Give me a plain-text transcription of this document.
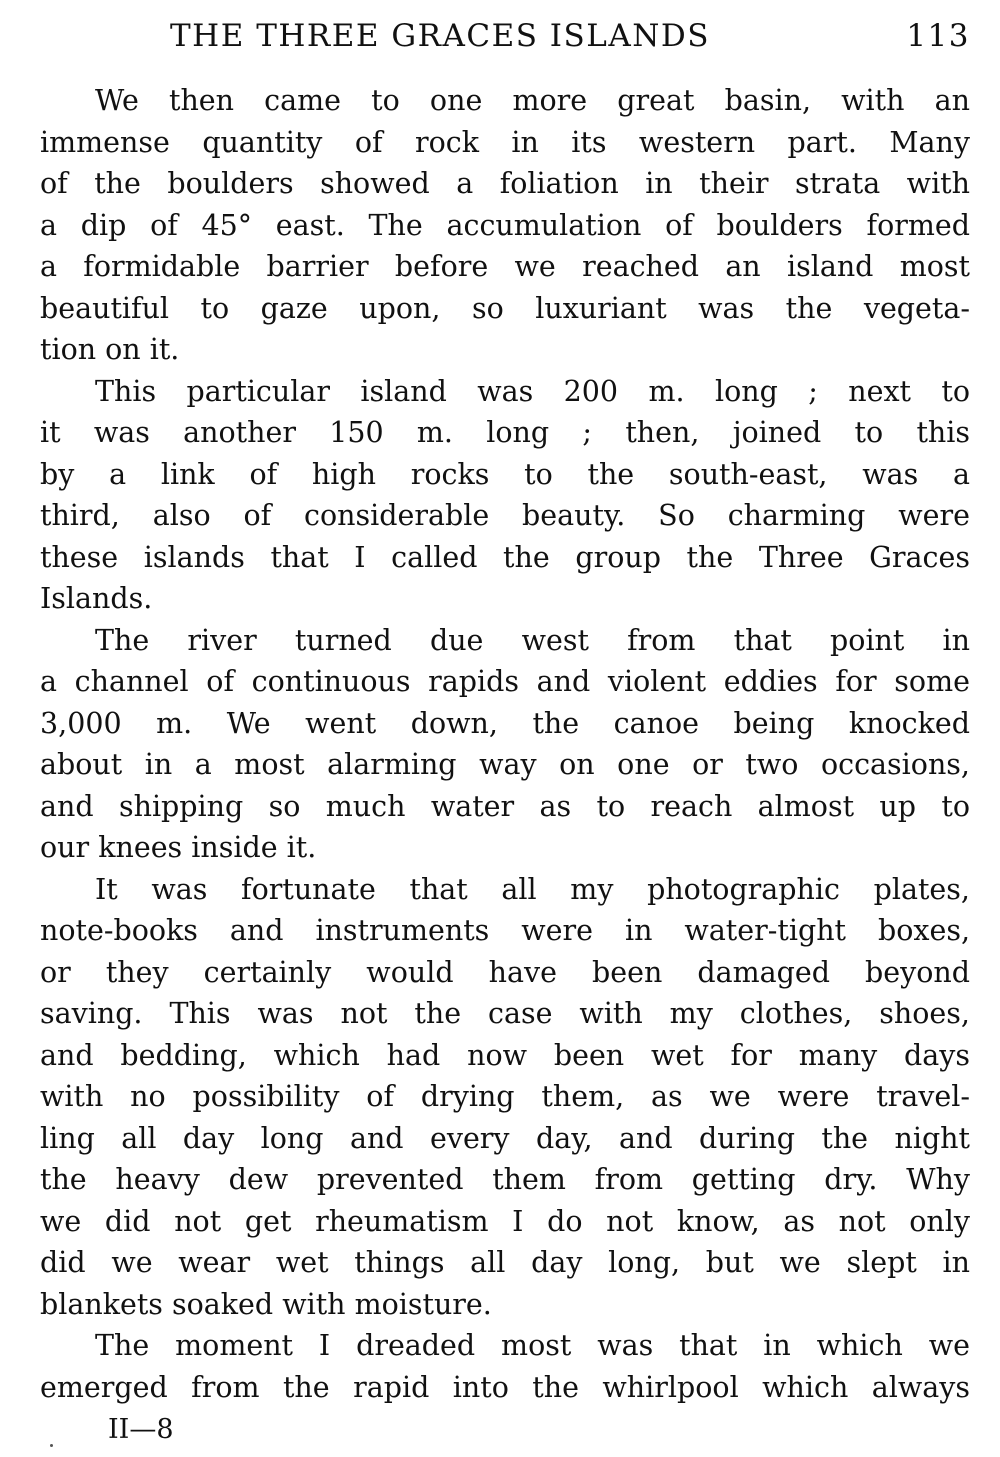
THE THREE GRACES ISLANDS	113
We then came to one more great basin, with an
immense quantity of rock in its western part. Many
of the boulders showed a foliation in their strata with
a dip of 45° east. The accumulation of boulders formed
a formidable barrier before we reached an island most
beautiful to gaze upon, so luxuriant was the vegeta-
tion on it.
This particular island was 200 m. long ; next to
it was another 150 m. long ; then, joined to this
by a link of high rocks to the south-east, was a
third, also of considerable beauty. So charming were
these islands that I called the group the Three Graces
Islands.
The river turned due west from that point in
a channel of continuous rapids and violent eddies for some
3,000 m. We went down, the canoe being knocked
about in a most alarming way on one or two occasions,
and shipping so much water as to reach almost up to
our knees inside it.
It was fortunate that all my photographic plates,
note-books and instruments were in water-tight boxes,
or they certainly would have been damaged beyond
saving. This was not the case with my clothes, shoes,
and bedding, which had now been wet for many days
with no possibility of drying them, as we were travel-
ling all day long and every day, and during the night
the heavy dew prevented them from getting dry. Why
we did not get rheumatism I do not know, as not only
did we wear wet things all day long, but we slept in
blankets soaked with moisture.
The moment I dreaded most was that in which we
emerged from the rapid into the whirlpool which always
II—8
